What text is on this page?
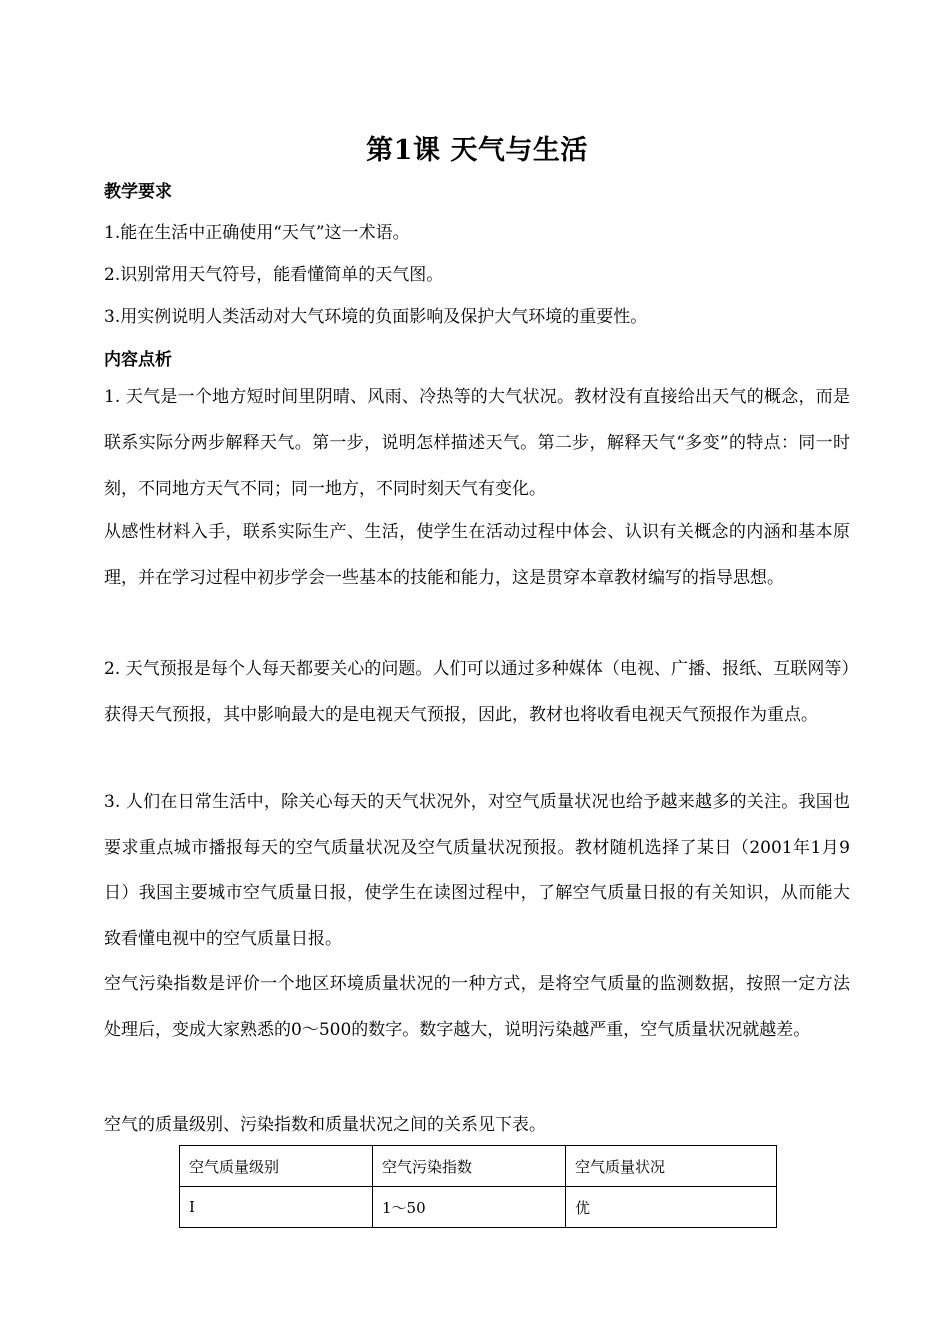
第1课 天气与生活
教学要求
1.能在生活中正确使用“天气”这一术语。
2.识别常用天气符号，能看懂简单的天气图。
3.用实例说明人类活动对大气环境的负面影响及保护大气环境的重要性。
内容点析
1. 天气是一个地方短时间里阴晴、风雨、冷热等的大气状况。教材没有直接给出天气的概念，而是联系实际分两步解释天气。第一步，说明怎样描述天气。第二步，解释天气“多变”的特点：同一时刻，不同地方天气不同；同一地方，不同时刻天气有变化。
从感性材料入手，联系实际生产、生活，使学生在活动过程中体会、认识有关概念的内涵和基本原理，并在学习过程中初步学会一些基本的技能和能力，这是贯穿本章教材编写的指导思想。
2. 天气预报是每个人每天都要关心的问题。人们可以通过多种媒体（电视、广播、报纸、互联网等）获得天气预报，其中影响最大的是电视天气预报，因此，教材也将收看电视天气预报作为重点。
3. 人们在日常生活中，除关心每天的天气状况外，对空气质量状况也给予越来越多的关注。我国也要求重点城市播报每天的空气质量状况及空气质量状况预报。教材随机选择了某日（2001年1月9日）我国主要城市空气质量日报，使学生在读图过程中，了解空气质量日报的有关知识，从而能大致看懂电视中的空气质量日报。
空气污染指数是评价一个地区环境质量状况的一种方式，是将空气质量的监测数据，按照一定方法处理后，变成大家熟悉的0～500的数字。数字越大，说明污染越严重，空气质量状况就越差。
空气的质量级别、污染指数和质量状况之间的关系见下表。
空气质量级别	空气污染指数	空气质量状况
Ⅰ	1～50	优
